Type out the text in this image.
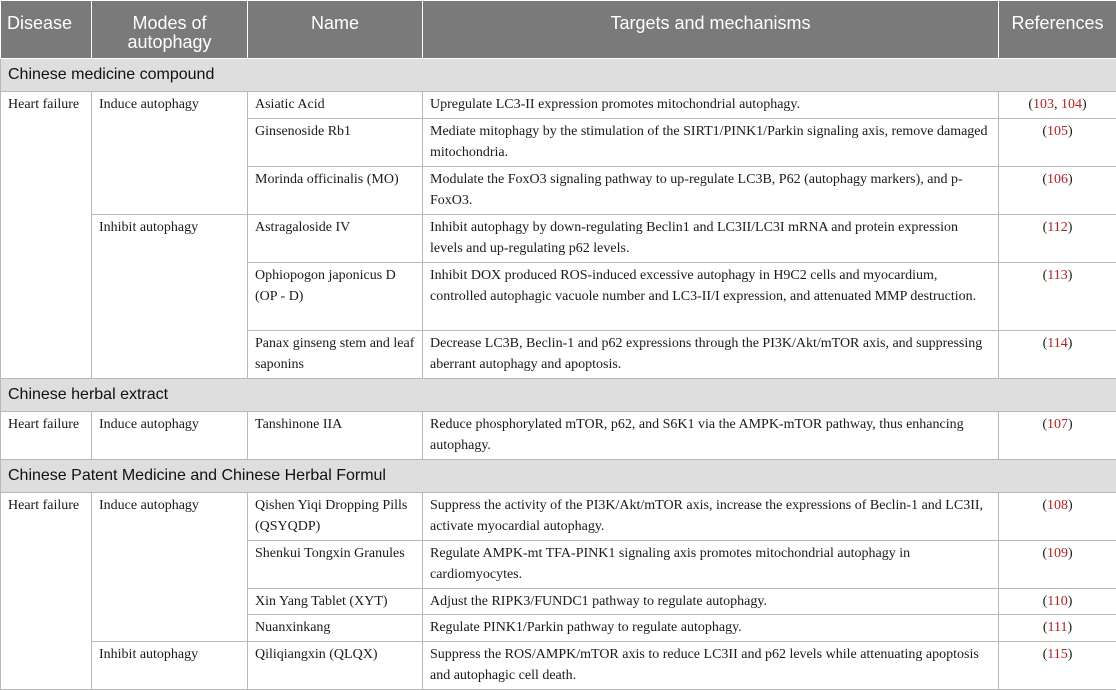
Disease	Modes of autophagy	Name	Targets and mechanisms	References

Chinese medicine compound				
Heart failure	Induce autophagy	Asiatic Acid	Upregulate LC3-II expression promotes mitochondrial autophagy.	(103, 104)
		Ginsenoside Rb1	Mediate mitophagy by the stimulation of the SIRT1/PINK1/Parkin signaling axis, remove damaged mitochondria.	(105)
		Morinda officinalis (MO)	Modulate the FoxO3 signaling pathway to up-regulate LC3B, P62 (autophagy markers), and p-FoxO3.	(106)
	Inhibit autophagy	Astragaloside IV	Inhibit autophagy by down-regulating Beclin1 and LC3II/LC3I mRNA and protein expression levels and up-regulating p62 levels.	(112)
		Ophiopogon japonicus D (OP - D)	Inhibit DOX produced ROS-induced excessive autophagy in H9C2 cells and myocardium, controlled autophagic vacuole number and LC3-II/I expression, and attenuated MMP destruction.	(113)
		Panax ginseng stem and leaf saponins	Decrease LC3B, Beclin-1 and p62 expressions through the PI3K/Akt/mTOR axis, and suppressing aberrant autophagy and apoptosis.	(114)
Chinese herbal extract				
Heart failure	Induce autophagy	Tanshinone IIA	Reduce phosphorylated mTOR, p62, and S6K1 via the AMPK-mTOR pathway, thus enhancing autophagy.	(107)
Chinese Patent Medicine and Chinese Herbal Formul				
Heart failure	Induce autophagy	Qishen Yiqi Dropping Pills (QSYQDP)	Suppress the activity of the PI3K/Akt/mTOR axis, increase the expressions of Beclin-1 and LC3II, activate myocardial autophagy.	(108)
		Shenkui Tongxin Granules	Regulate AMPK-mt TFA-PINK1 signaling axis promotes mitochondrial autophagy in cardiomyocytes.	(109)
		Xin Yang Tablet (XYT)	Adjust the RIPK3/FUNDC1 pathway to regulate autophagy.	(110)
		Nuanxinkang	Regulate PINK1/Parkin pathway to regulate autophagy.	(111)
	Inhibit autophagy	Qiliqiangxin (QLQX)	Suppress the ROS/AMPK/mTOR axis to reduce LC3II and p62 levels while attenuating apoptosis and autophagic cell death.	(115)
